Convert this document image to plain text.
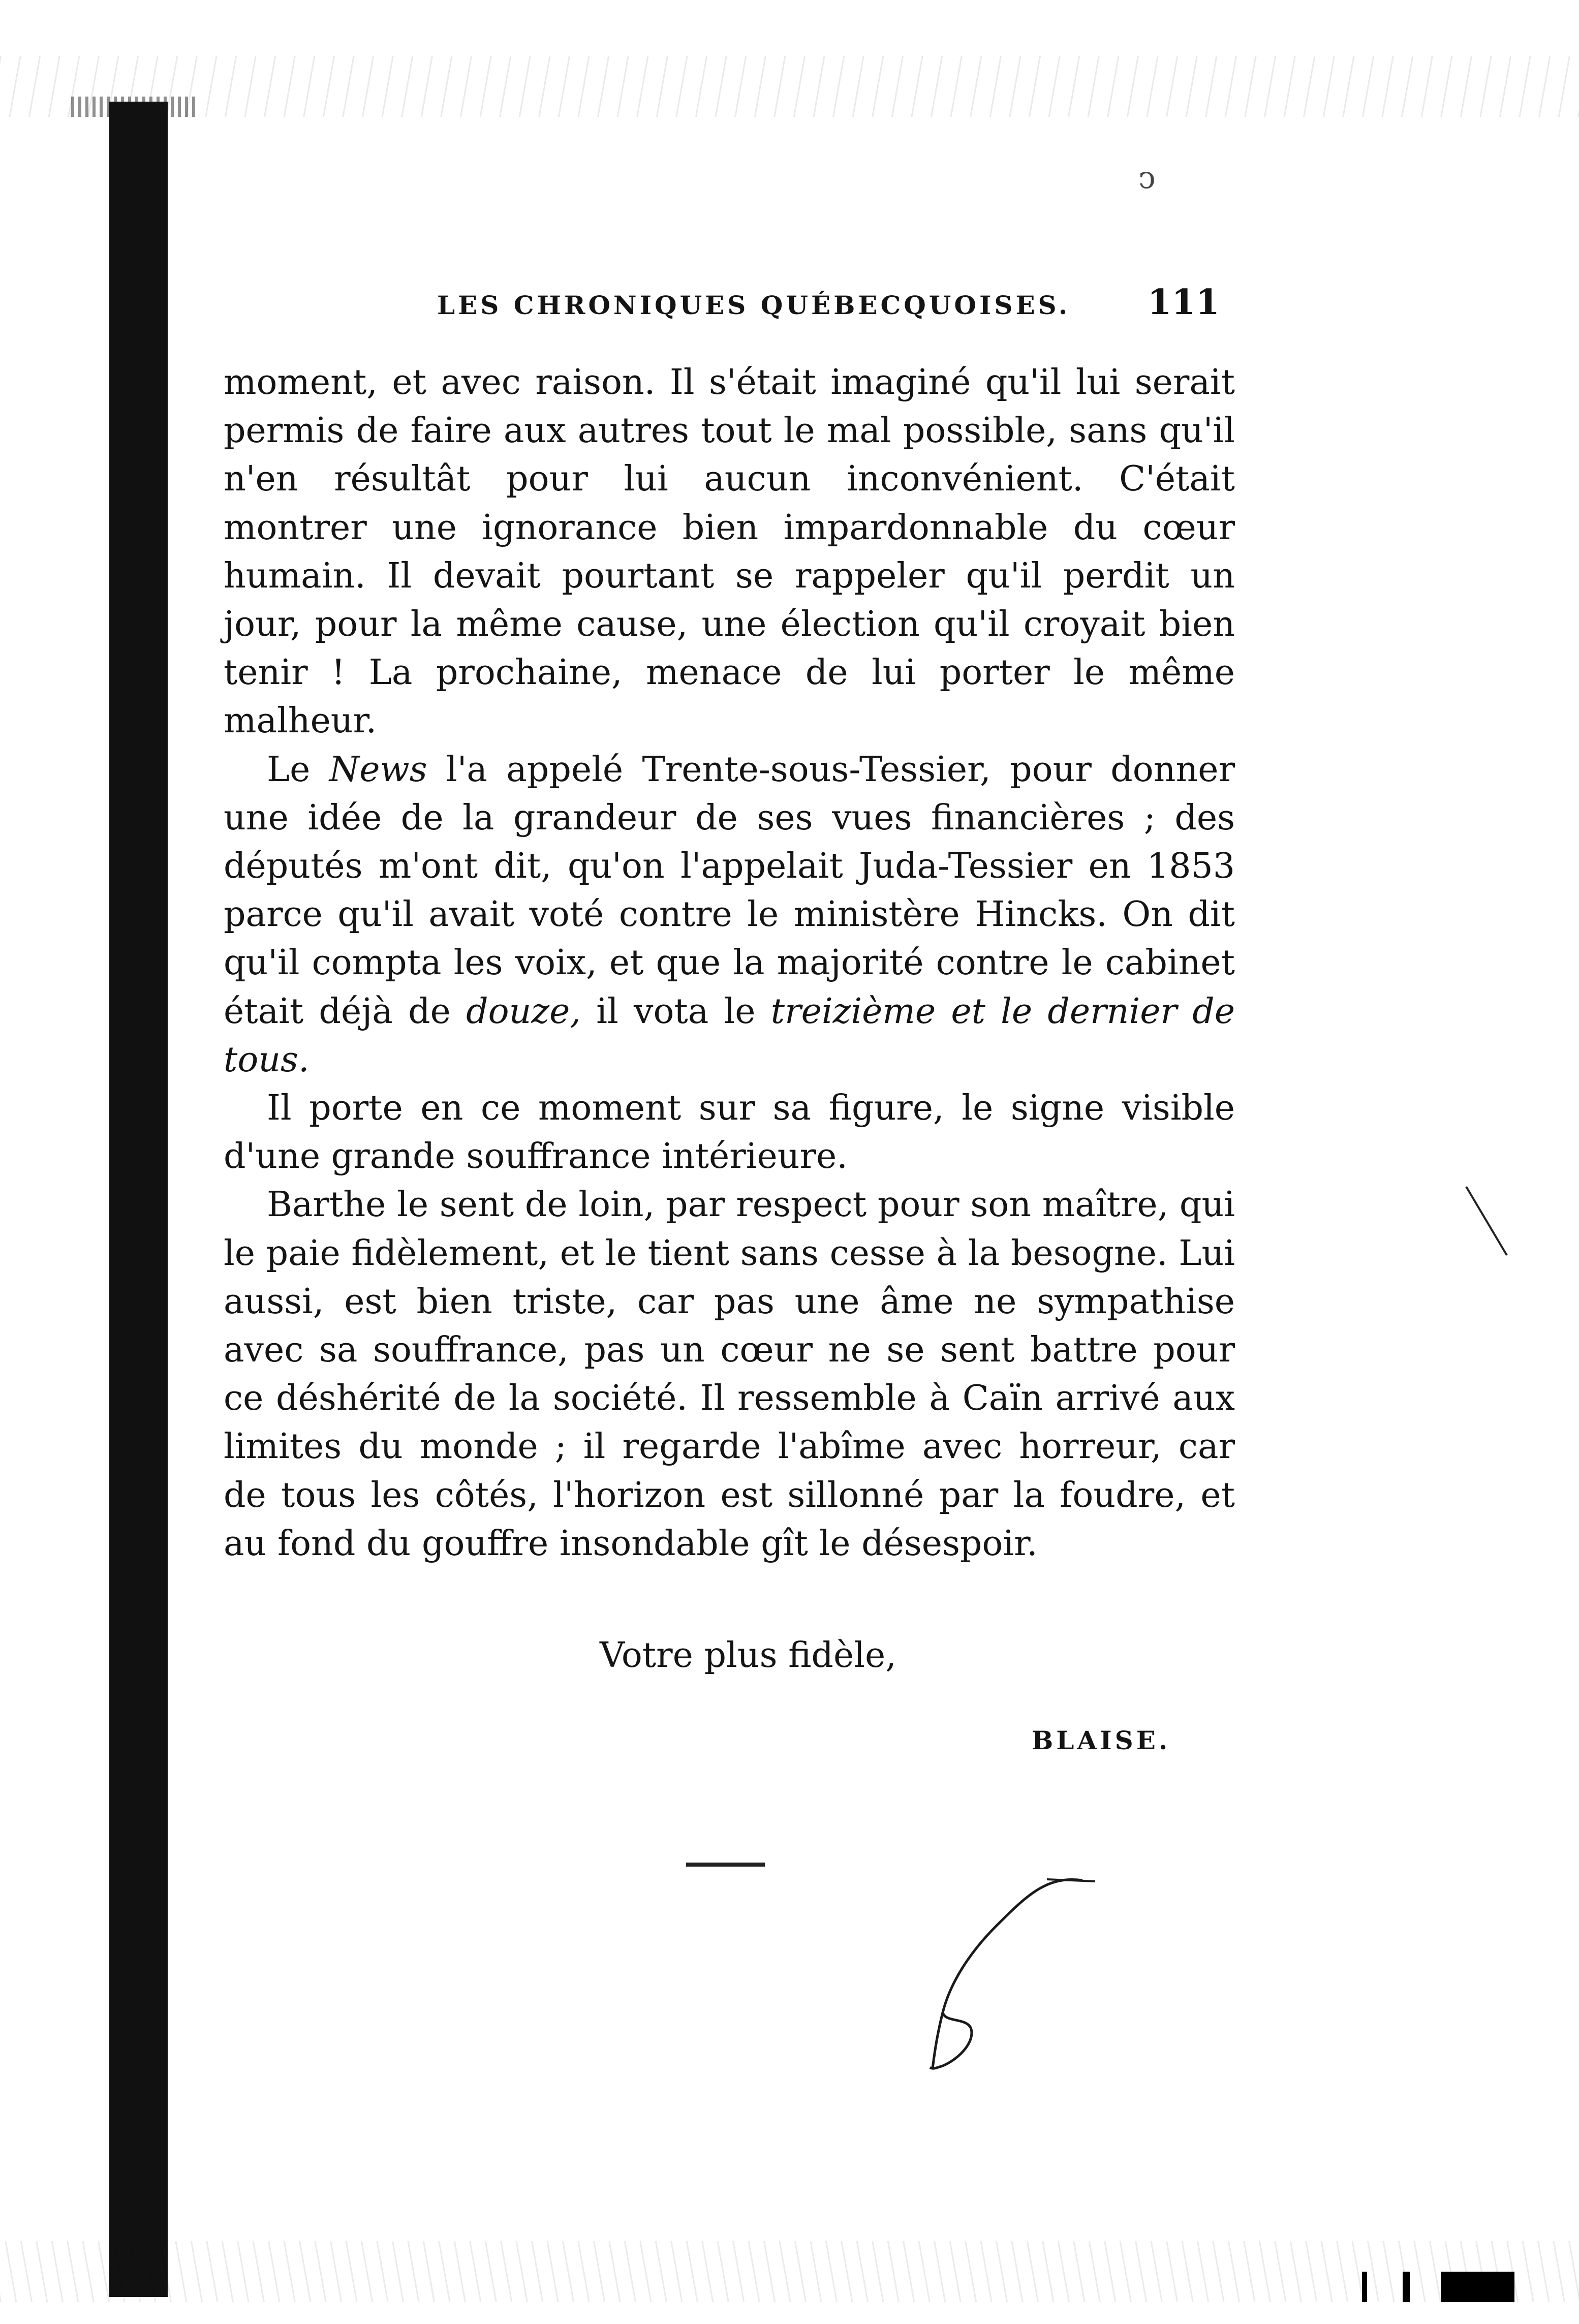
ↄ
LES CHRONIQUES QUÉBECQUOISES. 111

moment, et avec raison. Il s'était imaginé qu'il lui serait permis de faire aux autres tout le mal possible, sans qu'il n'en résultât pour lui aucun inconvénient. C'était montrer une ignorance bien impardonnable du cœur humain. Il devait pourtant se rappeler qu'il perdit un jour, pour la même cause, une élection qu'il croyait bien tenir ! La prochaine, menace de lui porter le même malheur.

Le News l'a appelé Trente-sous-Tessier, pour donner une idée de la grandeur de ses vues financières ; des députés m'ont dit, qu'on l'appelait Juda-Tessier en 1853 parce qu'il avait voté contre le ministère Hincks. On dit qu'il compta les voix, et que la majorité contre le cabinet était déjà de douze, il vota le treizième et le dernier de tous.

Il porte en ce moment sur sa figure, le signe visible d'une grande souffrance intérieure.

Barthe le sent de loin, par respect pour son maître, qui le paie fidèlement, et le tient sans cesse à la besogne. Lui aussi, est bien triste, car pas une âme ne sympathise avec sa souffrance, pas un cœur ne se sent battre pour ce déshérité de la société. Il ressemble à Caïn arrivé aux limites du monde ; il regarde l'abîme avec horreur, car de tous les côtés, l'horizon est sillonné par la foudre, et au fond du gouffre insondable gît le désespoir.

Votre plus fidèle,
BLAISE.
